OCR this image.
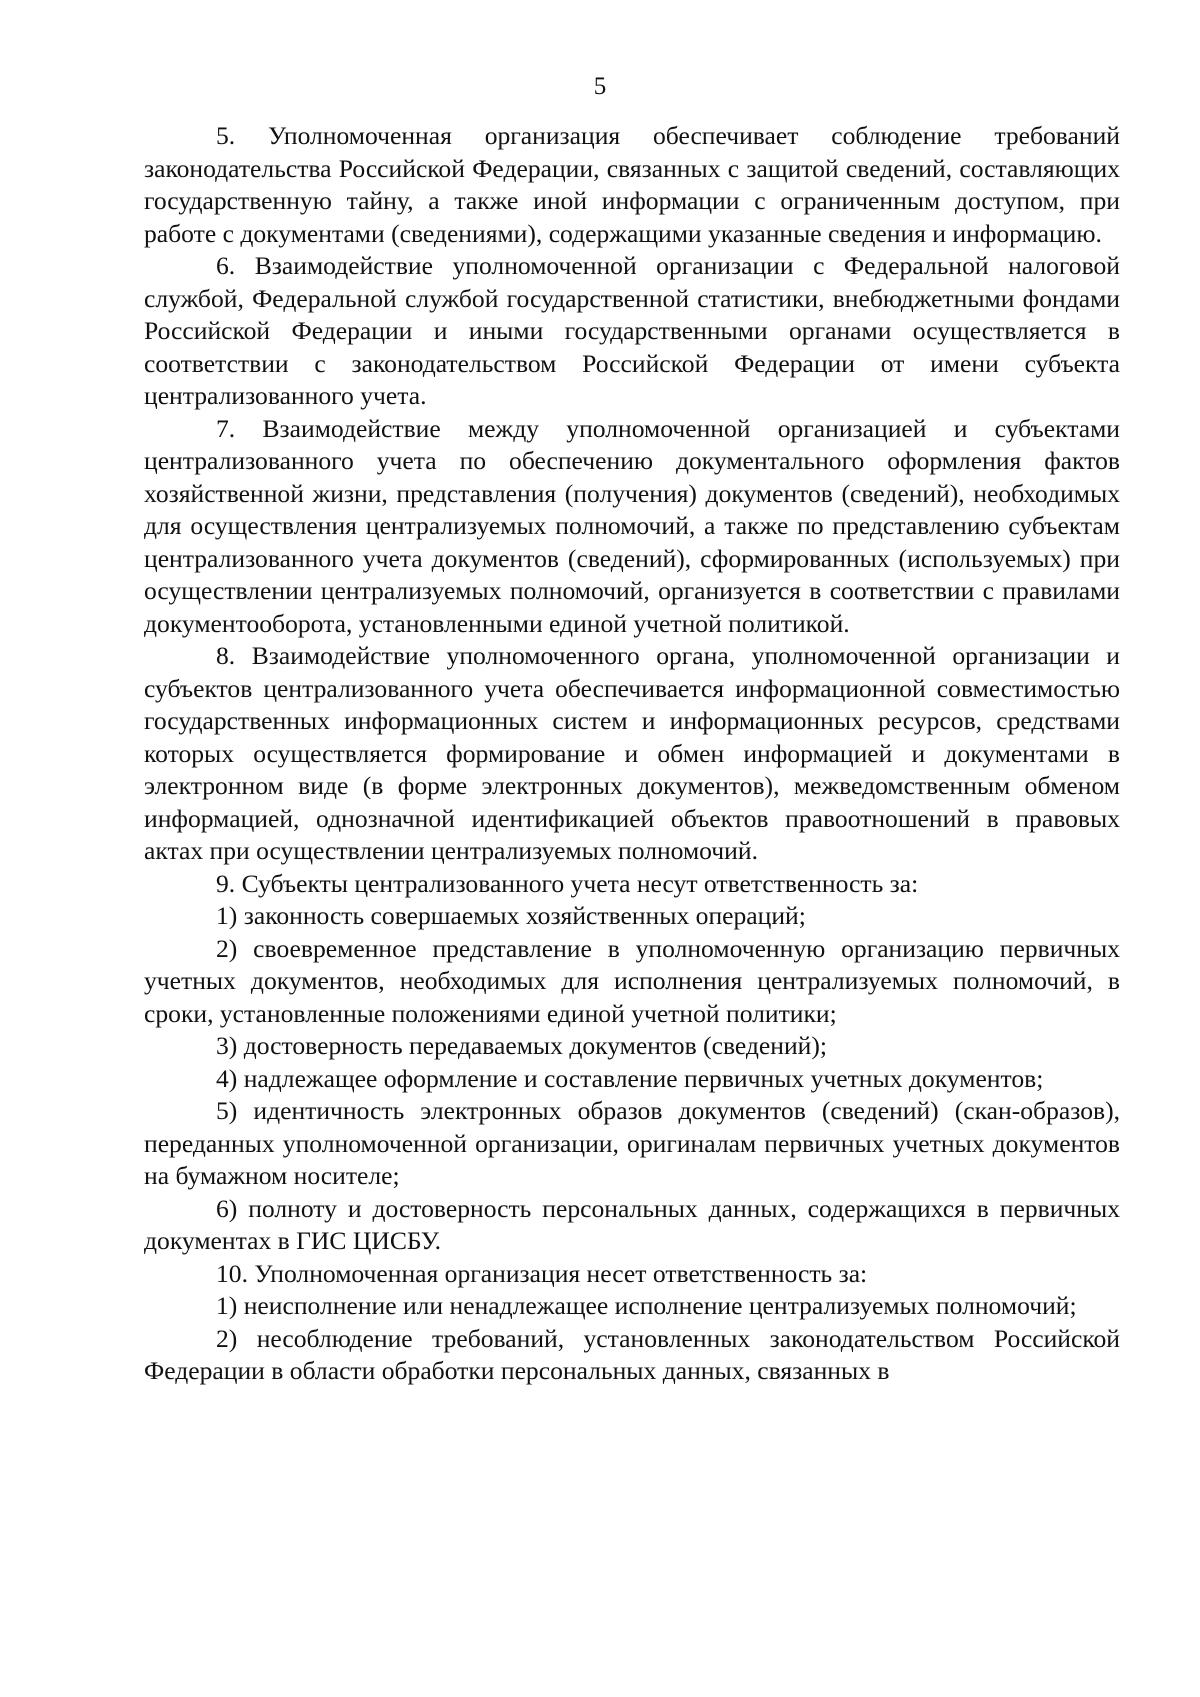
5

5. Уполномоченная организация обеспечивает соблюдение требований законодательства Российской Федерации, связанных с защитой сведений, составляющих государственную тайну, а также иной информации с ограниченным доступом, при работе с документами (сведениями), содержащими указанные сведения и информацию.

6. Взаимодействие уполномоченной организации с Федеральной налоговой службой, Федеральной службой государственной статистики, внебюджетными фондами Российской Федерации и иными государственными органами осуществляется в соответствии с законодательством Российской Федерации от имени субъекта централизованного учета.

7. Взаимодействие между уполномоченной организацией и субъектами централизованного учета по обеспечению документального оформления фактов хозяйственной жизни, представления (получения) документов (сведений), необходимых для осуществления централизуемых полномочий, а также по представлению субъектам централизованного учета документов (сведений), сформированных (используемых) при осуществлении централизуемых полномочий, организуется в соответствии с правилами документооборота, установленными единой учетной политикой.

8. Взаимодействие уполномоченного органа, уполномоченной организации и субъектов централизованного учета обеспечивается информационной совместимостью государственных информационных систем и информационных ресурсов, средствами которых осуществляется формирование и обмен информацией и документами в электронном виде (в форме электронных документов), межведомственным обменом информацией, однозначной идентификацией объектов правоотношений в правовых актах при осуществлении централизуемых полномочий.

9. Субъекты централизованного учета несут ответственность за:

1) законность совершаемых хозяйственных операций;

2) своевременное представление в уполномоченную организацию первичных учетных документов, необходимых для исполнения централизуемых полномочий, в сроки, установленные положениями единой учетной политики;

3) достоверность передаваемых документов (сведений);

4) надлежащее оформление и составление первичных учетных документов;

5) идентичность электронных образов документов (сведений) (скан-образов), переданных уполномоченной организации, оригиналам первичных учетных документов на бумажном носителе;

6) полноту и достоверность персональных данных, содержащихся в первичных документах в ГИС ЦИСБУ.

10. Уполномоченная организация несет ответственность за:

1) неисполнение или ненадлежащее исполнение централизуемых полномочий;

2) несоблюдение требований, установленных законодательством Российской Федерации в области обработки персональных данных, связанных в
